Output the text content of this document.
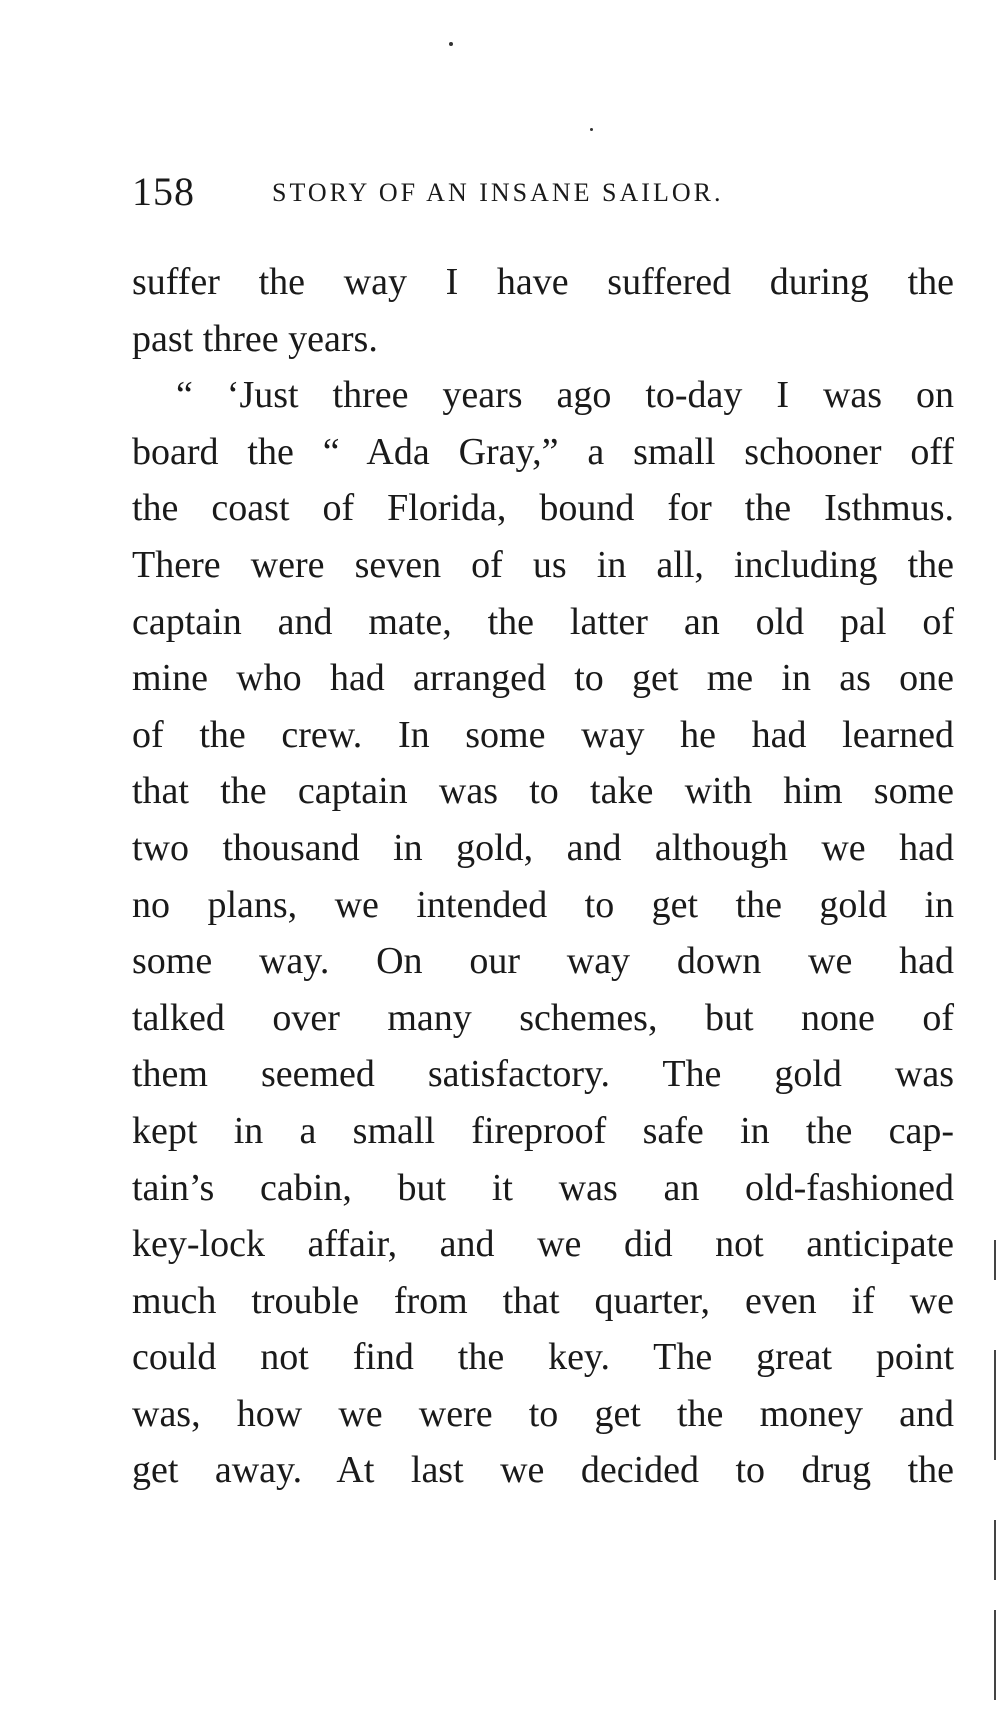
158	STORY OF AN INSANE SAILOR.
suffer the way I have suffered during the
past three years.
“ ‘Just three years ago to-day I was on
board the “ Ada Gray,” a small schooner off
the coast of Florida, bound for the Isthmus.
There were seven of us in all, including the
captain and mate, the latter an old pal of
mine who had arranged to get me in as one
of the crew. In some way he had learned
that the captain was to take with him some
two thousand in gold, and although we had
no plans, we intended to get the gold in
some way. On our way down we had
talked over many schemes, but none of
them seemed satisfactory. The gold was
kept in a small fireproof safe in the cap-
tain’s cabin, but it was an old-fashioned
key-lock affair, and we did not anticipate
much trouble from that quarter, even if we
could not find the key. The great point
was, how we were to get the money and
get away. At last we decided to drug the
